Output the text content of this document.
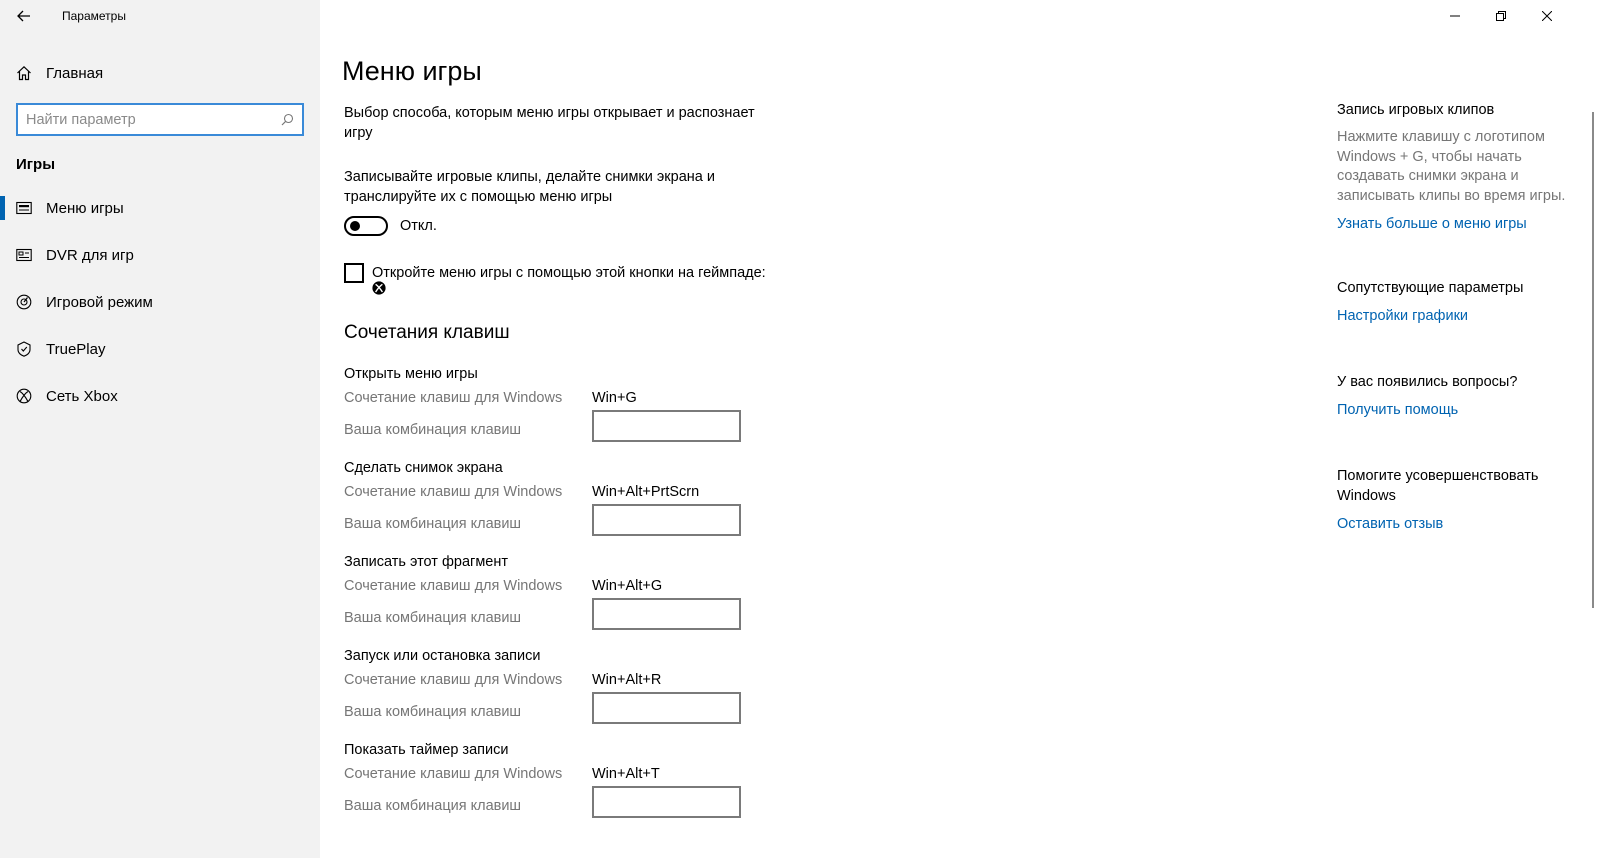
Параметры
Главная
Найти параметр
Игры
Меню игры
DVR для игр
Игровой режим
TruePlay
Сеть Xbox
Меню игры
Выбор способа, которым меню игры открывает и распознает игру
Записывайте игровые клипы, делайте снимки экрана и транслируйте их с помощью меню игры
Откл.
Откройте меню игры с помощью этой кнопки на геймпаде:
Сочетания клавиш
Открыть меню игры
Сочетание клавиш для Windows Win+G
Ваша комбинация клавиш
Сделать снимок экрана
Сочетание клавиш для Windows Win+Alt+PrtScrn
Ваша комбинация клавиш
Записать этот фрагмент
Сочетание клавиш для Windows Win+Alt+G
Ваша комбинация клавиш
Запуск или остановка записи
Сочетание клавиш для Windows Win+Alt+R
Ваша комбинация клавиш
Показать таймер записи
Сочетание клавиш для Windows Win+Alt+T
Ваша комбинация клавиш
Запись игровых клипов
Нажмите клавишу с логотипом Windows + G, чтобы начать создавать снимки экрана и записывать клипы во время игры.
Узнать больше о меню игры
Сопутствующие параметры
Настройки графики
У вас появились вопросы?
Получить помощь
Помогите усовершенствовать Windows
Оставить отзыв
